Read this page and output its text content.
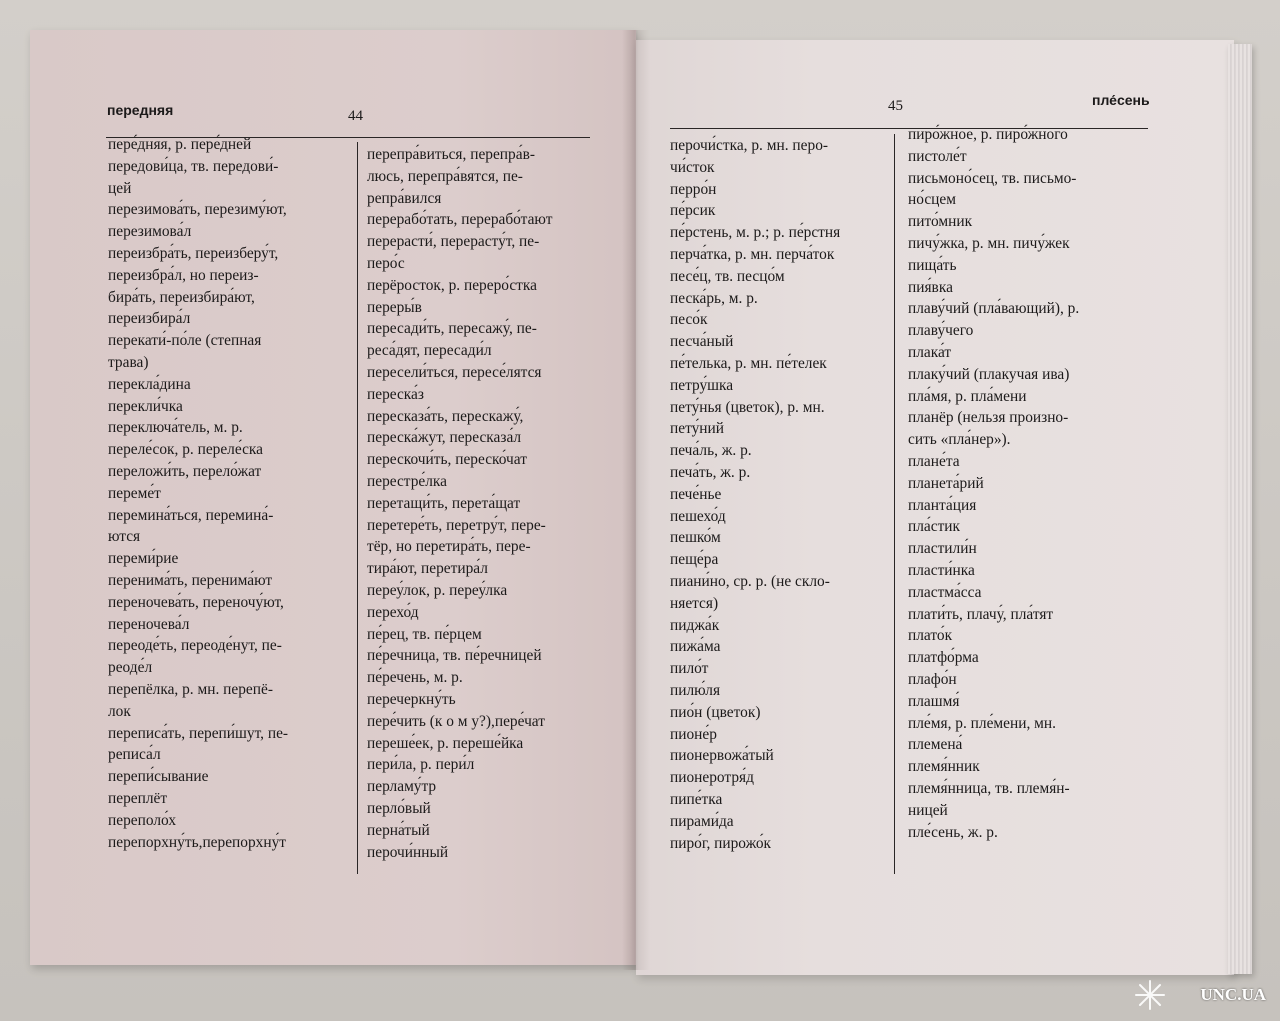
передняя	44
пере́дняя, р. пере́дней
передови́ца, тв. передови́-
цей
перезимова́ть, перезиму́ют,
перезимова́л
переизбра́ть, переизберу́т,
переизбра́л, но переиз-
бира́ть, переизбира́ют,
переизбира́л
перекати́-по́ле (степная
трава)
перекла́дина
перекли́чка
переключа́тель, м. р.
переле́сок, р. переле́ска
переложи́ть, перело́жат
переме́т
перемина́ться, перемина́-
ются
переми́рие
перенима́ть, перенима́ют
переночева́ть, переночу́ют,
переночева́л
переоде́ть, переоде́нут, пе-
реоде́л
перепёлка, р. мн. перепё-
лок
переписа́ть, перепи́шут, пе-
реписа́л
перепи́сывание
переплёт
переполо́х
перепорхну́ть,перепорхну́т
перепра́виться, перепра́в-
люсь, перепра́вятся, пе-
репра́вился
перерабо́тать, перерабо́тают
перерасти́, перерасту́т, пе-
перо́с
перёросток, р. переро́стка
переры́в
пересади́ть, пересажу́, пе-
реса́дят, пересади́л
пересели́ться, пересе́лятся
переска́з
пересказа́ть, перескажу́,
переска́жут, пересказа́л
перескочи́ть, переско́чат
перестре́лка
перетащи́ть, перета́щат
перетере́ть, перетру́т, пере-
тёр, но перетира́ть, пере-
тира́ют, перетира́л
переу́лок, р. переу́лка
перехо́д
пе́рец, тв. пе́рцем
пе́речница, тв. пе́речницей
пе́речень, м. р.
перечеркну́ть
пере́чить (к о м у?),пере́чат
переше́ек, р. переше́йка
пери́ла, р. пери́л
перламу́тр
перло́вый
перна́тый
перочи́нный
45	пле́сень
перочи́стка, р. мн. перо-
чи́сток
перро́н
пе́рсик
пе́рстень, м. р.; р. пе́рстня
перча́тка, р. мн. перча́ток
песе́ц, тв. песцо́м
песка́рь, м. р.
песо́к
песча́ный
пе́телька, р. мн. пе́телек
петру́шка
пету́нья (цветок), р. мн.
пету́ний
печа́ль, ж. р.
печа́ть, ж. р.
пече́нье
пешехо́д
пешко́м
пеще́ра
пиани́но, ср. р. (не скло-
няется)
пиджа́к
пижа́ма
пило́т
пилю́ля
пио́н (цветок)
пионе́р
пионервожа́тый
пионеротря́д
пипе́тка
пирами́да
пиро́г, пирожо́к
пиро́жное, р. пиро́жного
пистоле́т
письмоно́сец, тв. письмо-
но́сцем
пито́мник
пичу́жка, р. мн. пичу́жек
пища́ть
пия́вка
плаву́чий (пла́вающий), р.
плаву́чего
плака́т
плаку́чий (плакучая ива)
пла́мя, р. пла́мени
планёр (нельзя произно-
сить «пла́нер»).
плане́та
планета́рий
планта́ция
пла́стик
пластили́н
пласти́нка
пластма́сса
плати́ть, плачу́, пла́тят
плато́к
платфо́рма
плафо́н
плашмя́
пле́мя, р. пле́мени, мн.
племена́
племя́нник
племя́нница, тв. племя́н-
ницей
пле́сень, ж. р.
UNC.UA
